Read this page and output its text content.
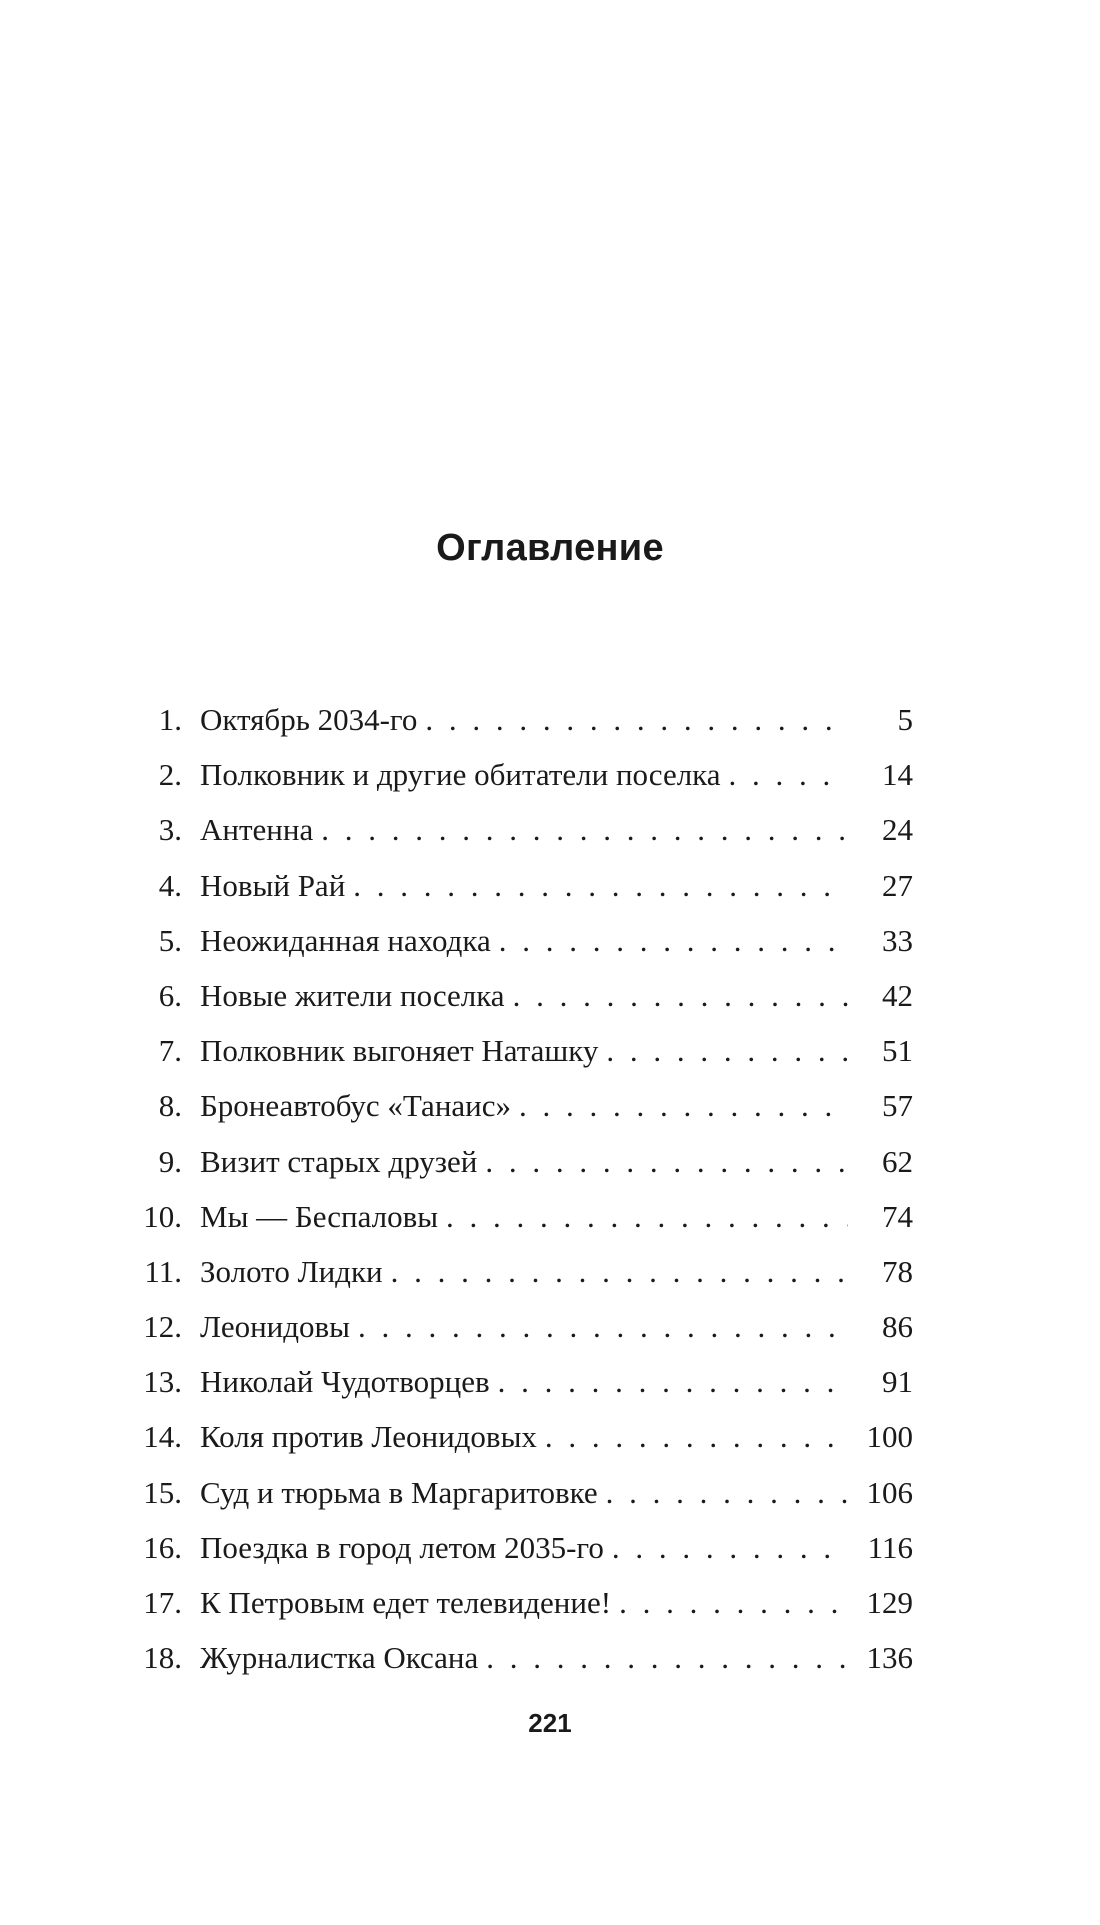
Оглавление
1. Октябрь 2034-го . . .	5
2. Полковник и другие обитатели поселка . . .	14
3. Антенна . . .	24
4. Новый Рай . . .	27
5. Неожиданная находка . . .	33
6. Новые жители поселка . . .	42
7. Полковник выгоняет Наташку . . .	51
8. Бронеавтобус «Танаис» . . .	57
9. Визит старых друзей . . .	62
10. Мы — Беспаловы . . .	74
11. Золото Лидки . . .	78
12. Леонидовы . . .	86
13. Николай Чудотворцев . . .	91
14. Коля против Леонидовых . . .	100
15. Суд и тюрьма в Маргаритовке . . .	106
16. Поездка в город летом 2035-го . . .	116
17. К Петровым едет телевидение! . . .	129
18. Журналистка Оксана . . .	136
221
